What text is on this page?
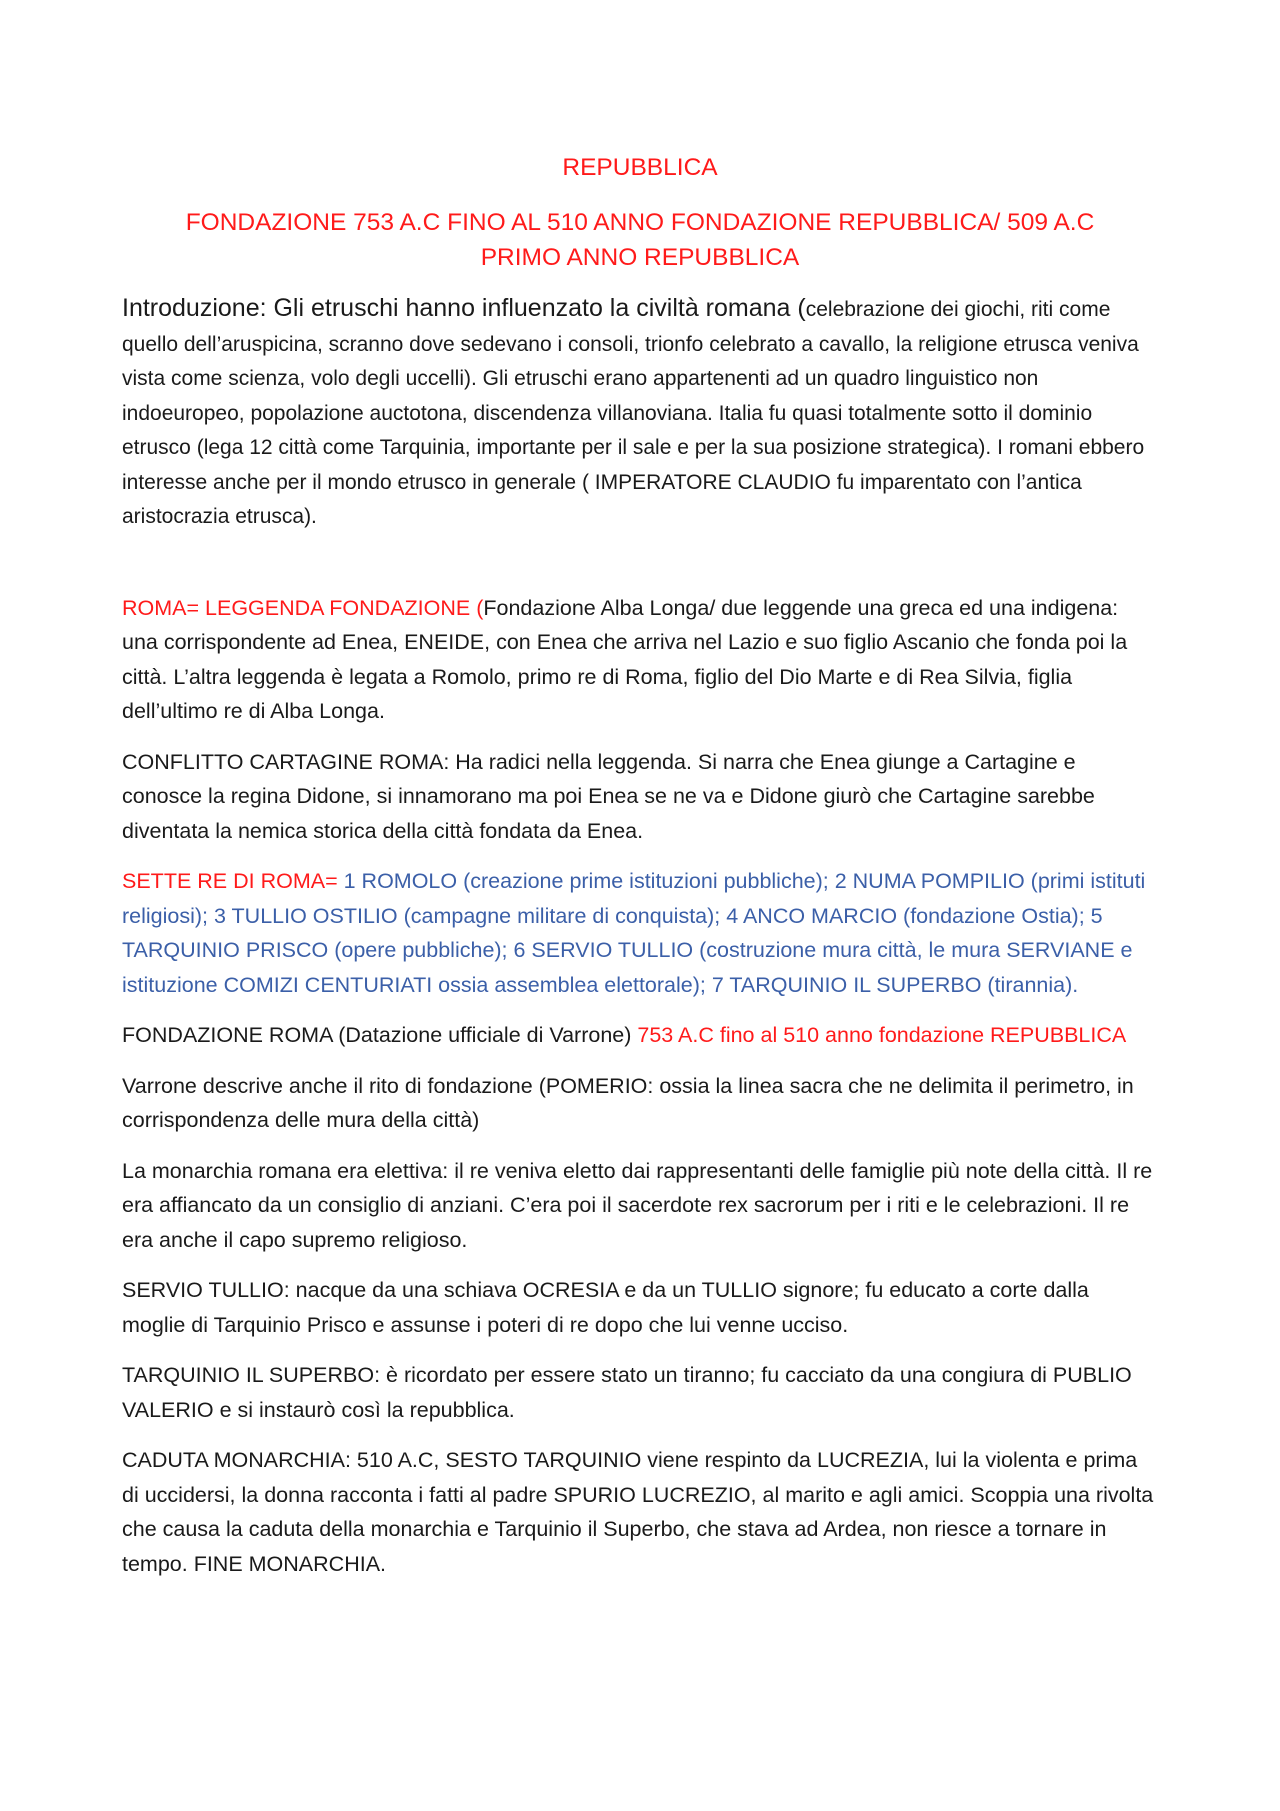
REPUBBLICA

FONDAZIONE 753 A.C FINO AL 510 ANNO FONDAZIONE REPUBBLICA/ 509 A.C

PRIMO ANNO REPUBBLICA

Introduzione: Gli etruschi hanno influenzato la civiltà romana (celebrazione dei giochi, riti come quello dell’aruspicina, scranno dove sedevano i consoli, trionfo celebrato a cavallo, la religione etrusca veniva vista come scienza, volo degli uccelli). Gli etruschi erano appartenenti ad un quadro linguistico non indoeuropeo, popolazione auctotona, discendenza villanoviana. Italia fu quasi totalmente sotto il dominio etrusco (lega 12 città come Tarquinia, importante per il sale e per la sua posizione strategica). I romani ebbero interesse anche per il mondo etrusco in generale ( IMPERATORE CLAUDIO fu imparentato con l’antica aristocrazia etrusca).

ROMA= LEGGENDA FONDAZIONE (Fondazione Alba Longa/ due leggende una greca ed una indigena: una corrispondente ad Enea, ENEIDE, con Enea che arriva nel Lazio e suo figlio Ascanio che fonda poi la città. L’altra leggenda è legata a Romolo, primo re di Roma, figlio del Dio Marte e di Rea Silvia, figlia dell’ultimo re di Alba Longa.

CONFLITTO CARTAGINE ROMA: Ha radici nella leggenda. Si narra che Enea giunge a Cartagine e conosce la regina Didone, si innamorano ma poi Enea se ne va e Didone giurò che Cartagine sarebbe diventata la nemica storica della città fondata da Enea.

SETTE RE DI ROMA= 1 ROMOLO (creazione prime istituzioni pubbliche); 2 NUMA POMPILIO (primi istituti religiosi); 3 TULLIO OSTILIO (campagne militare di conquista); 4 ANCO MARCIO (fondazione Ostia); 5 TARQUINIO PRISCO (opere pubbliche); 6 SERVIO TULLIO (costruzione mura città, le mura SERVIANE e istituzione COMIZI CENTURIATI ossia assemblea elettorale); 7 TARQUINIO IL SUPERBO (tirannia).

FONDAZIONE ROMA (Datazione ufficiale di Varrone) 753 A.C fino al 510 anno fondazione REPUBBLICA

Varrone descrive anche il rito di fondazione (POMERIO: ossia la linea sacra che ne delimita il perimetro, in corrispondenza delle mura della città)

La monarchia romana era elettiva: il re veniva eletto dai rappresentanti delle famiglie più note della città. Il re era affiancato da un consiglio di anziani. C’era poi il sacerdote rex sacrorum per i riti e le celebrazioni. Il re era anche il capo supremo religioso.

SERVIO TULLIO: nacque da una schiava OCRESIA e da un TULLIO signore; fu educato a corte dalla moglie di Tarquinio Prisco e assunse i poteri di re dopo che lui venne ucciso.

TARQUINIO IL SUPERBO: è ricordato per essere stato un tiranno; fu cacciato da una congiura di PUBLIO VALERIO e si instaurò così la repubblica.

CADUTA MONARCHIA: 510 A.C, SESTO TARQUINIO viene respinto da LUCREZIA, lui la violenta e prima di uccidersi, la donna racconta i fatti al padre SPURIO LUCREZIO, al marito e agli amici. Scoppia una rivolta che causa la caduta della monarchia e Tarquinio il Superbo, che stava ad Ardea, non riesce a tornare in tempo. FINE MONARCHIA.
